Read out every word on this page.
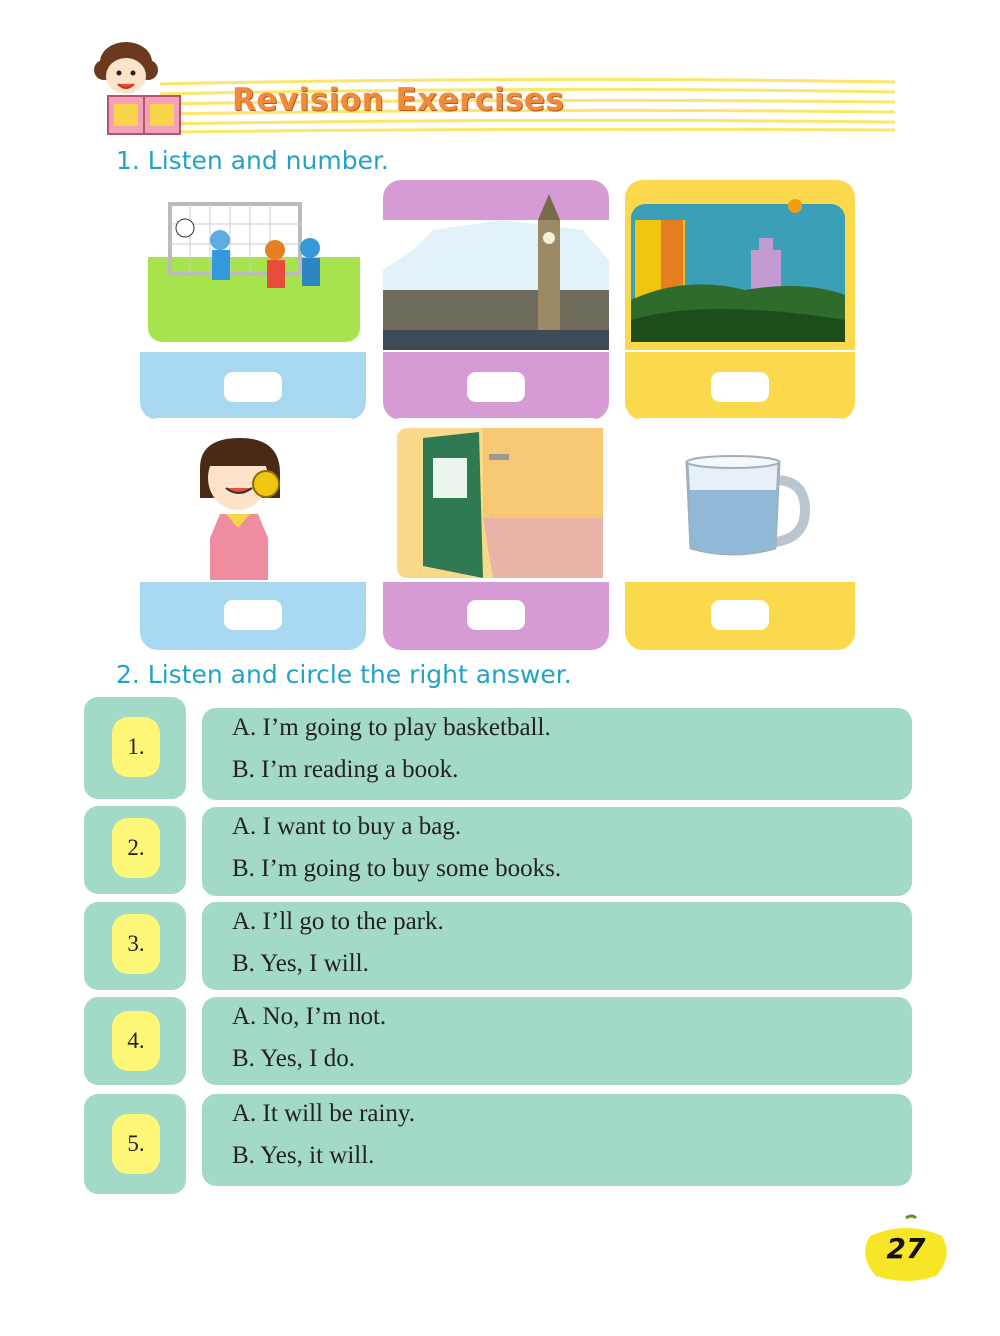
Revision Exercises
1. Listen and number.
2. Listen and circle the right answer.
1.
A. I’m going to play basketball.
B. I’m reading a book.
2.
A. I want to buy a bag.
B. I’m going to buy some books.
3.
A. I’ll go to the park.
B. Yes, I will.
4.
A. No, I’m not.
B. Yes, I do.
5.
A. It will be rainy.
B. Yes, it will.
27
